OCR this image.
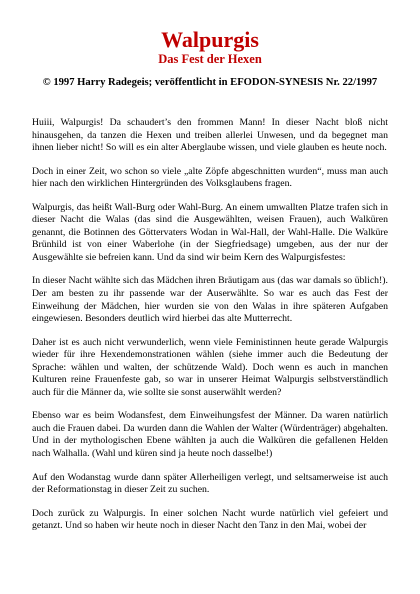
Walpurgis
Das Fest der Hexen

© 1997 Harry Radegeis; veröffentlicht in EFODON-SYNESIS Nr. 22/1997

Huiii, Walpurgis! Da schaudert’s den frommen Mann! In dieser Nacht bloß nicht hinausgehen, da tanzen die Hexen und treiben allerlei Unwesen, und da begegnet man ihnen lieber nicht! So will es ein alter Aberglaube wissen, und viele glauben es heute noch.

Doch in einer Zeit, wo schon so viele „alte Zöpfe abgeschnitten wurden“, muss man auch hier nach den wirklichen Hintergründen des Volksglaubens fragen.

Walpurgis, das heißt Wall-Burg oder Wahl-Burg. An einem umwallten Platze trafen sich in dieser Nacht die Walas (das sind die Ausgewählten, weisen Frauen), auch Walküren genannt, die Botinnen des Göttervaters Wodan in Wal-Hall, der Wahl-Halle. Die Walküre Brünhild ist von einer Waberlohe (in der Siegfriedsage) umgeben, aus der nur der Ausgewählte sie befreien kann. Und da sind wir beim Kern des Walpurgisfestes:

In dieser Nacht wählte sich das Mädchen ihren Bräutigam aus (das war damals so üblich!). Der am besten zu ihr passende war der Auserwählte. So war es auch das Fest der Einweihung der Mädchen, hier wurden sie von den Walas in ihre späteren Aufgaben eingewiesen. Besonders deutlich wird hierbei das alte Mutterrecht.

Daher ist es auch nicht verwunderlich, wenn viele Feministinnen heute gerade Walpurgis wieder für ihre Hexendemonstrationen wählen (siehe immer auch die Bedeutung der Sprache: wählen und walten, der schützende Wald). Doch wenn es auch in manchen Kulturen reine Frauenfeste gab, so war in unserer Heimat Walpurgis selbstverständlich auch für die Männer da, wie sollte sie sonst auserwählt werden?

Ebenso war es beim Wodansfest, dem Einweihungsfest der Männer. Da waren natürlich auch die Frauen dabei. Da wurden dann die Wahlen der Walter (Würdenträger) abgehalten. Und in der mythologischen Ebene wählten ja auch die Walküren die gefallenen Helden nach Walhalla. (Wahl und küren sind ja heute noch dasselbe!)

Auf den Wodanstag wurde dann später Allerheiligen verlegt, und seltsamerweise ist auch der Reformationstag in dieser Zeit zu suchen.

Doch zurück zu Walpurgis. In einer solchen Nacht wurde natürlich viel gefeiert und getanzt. Und so haben wir heute noch in dieser Nacht den Tanz in den Mai, wobei der
